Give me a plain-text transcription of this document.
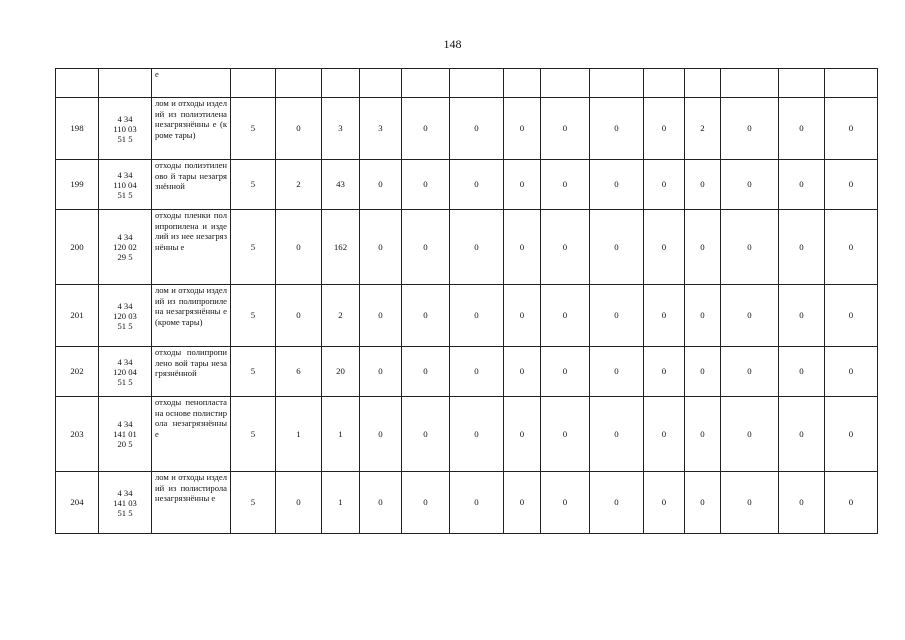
148
		е														
198	4 34
110 03
51 5	лом и отходы изделий из полиэтилена незагрязнённы е (кроме тары)	5	0	3	3	0	0	0	0	0	0	2	0	0	0
199	4 34
110 04
51 5	отходы полиэтиленово й тары незагрязнённой	5	2	43	0	0	0	0	0	0	0	0	0	0	0
200	4 34
120 02
29 5	отходы пленки полипропилена и изделий из нее незагрязнённы е	5	0	162	0	0	0	0	0	0	0	0	0	0	0
201	4 34
120 03
51 5	лом и отходы изделий из полипропилена незагрязнённы е (кроме тары)	5	0	2	0	0	0	0	0	0	0	0	0	0	0
202	4 34
120 04
51 5	отходы полипропилено вой тары незагрязнённой	5	6	20	0	0	0	0	0	0	0	0	0	0	0
203	4 34
141 01
20 5	отходы пенопласта на основе полистирола незагрязнённы е	5	1	1	0	0	0	0	0	0	0	0	0	0	0
204	4 34
141 03
51 5	лом и отходы изделий из полистирола незагрязнённы е	5	0	1	0	0	0	0	0	0	0	0	0	0	0
